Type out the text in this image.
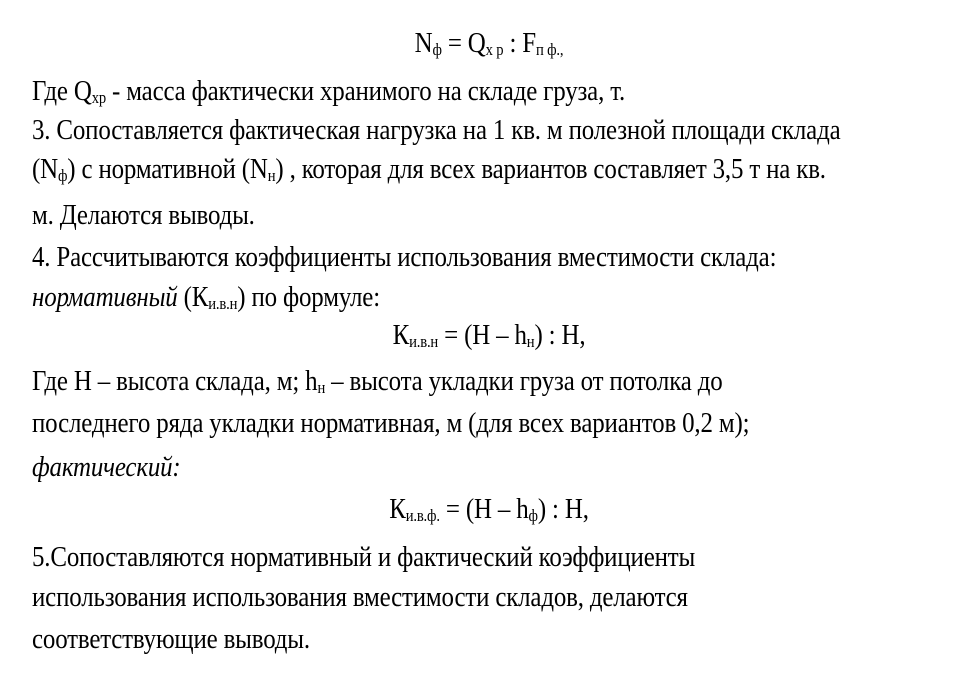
Nф = Qх р : Fп ф.,
Где Qхр - масса фактически хранимого на складе груза, т.
3. Сопоставляется фактическая нагрузка на 1 кв. м полезной площади склада
(Nф) с нормативной (Nн) , которая для всех вариантов составляет 3,5 т на кв.
м. Делаются выводы.
4. Рассчитываются коэффициенты использования вместимости склада:
нормативный (Ки.в.н) по формуле:
Ки.в.н = (Н – hн) : Н,
Где Н – высота склада, м; hн – высота укладки груза от потолка до
последнего ряда укладки нормативная, м (для всех вариантов 0,2 м);
фактический:
Ки.в.ф. = (Н – hф) : Н,
5.Сопоставляются нормативный и фактический коэффициенты
использования использования вместимости складов, делаются
соответствующие выводы.
